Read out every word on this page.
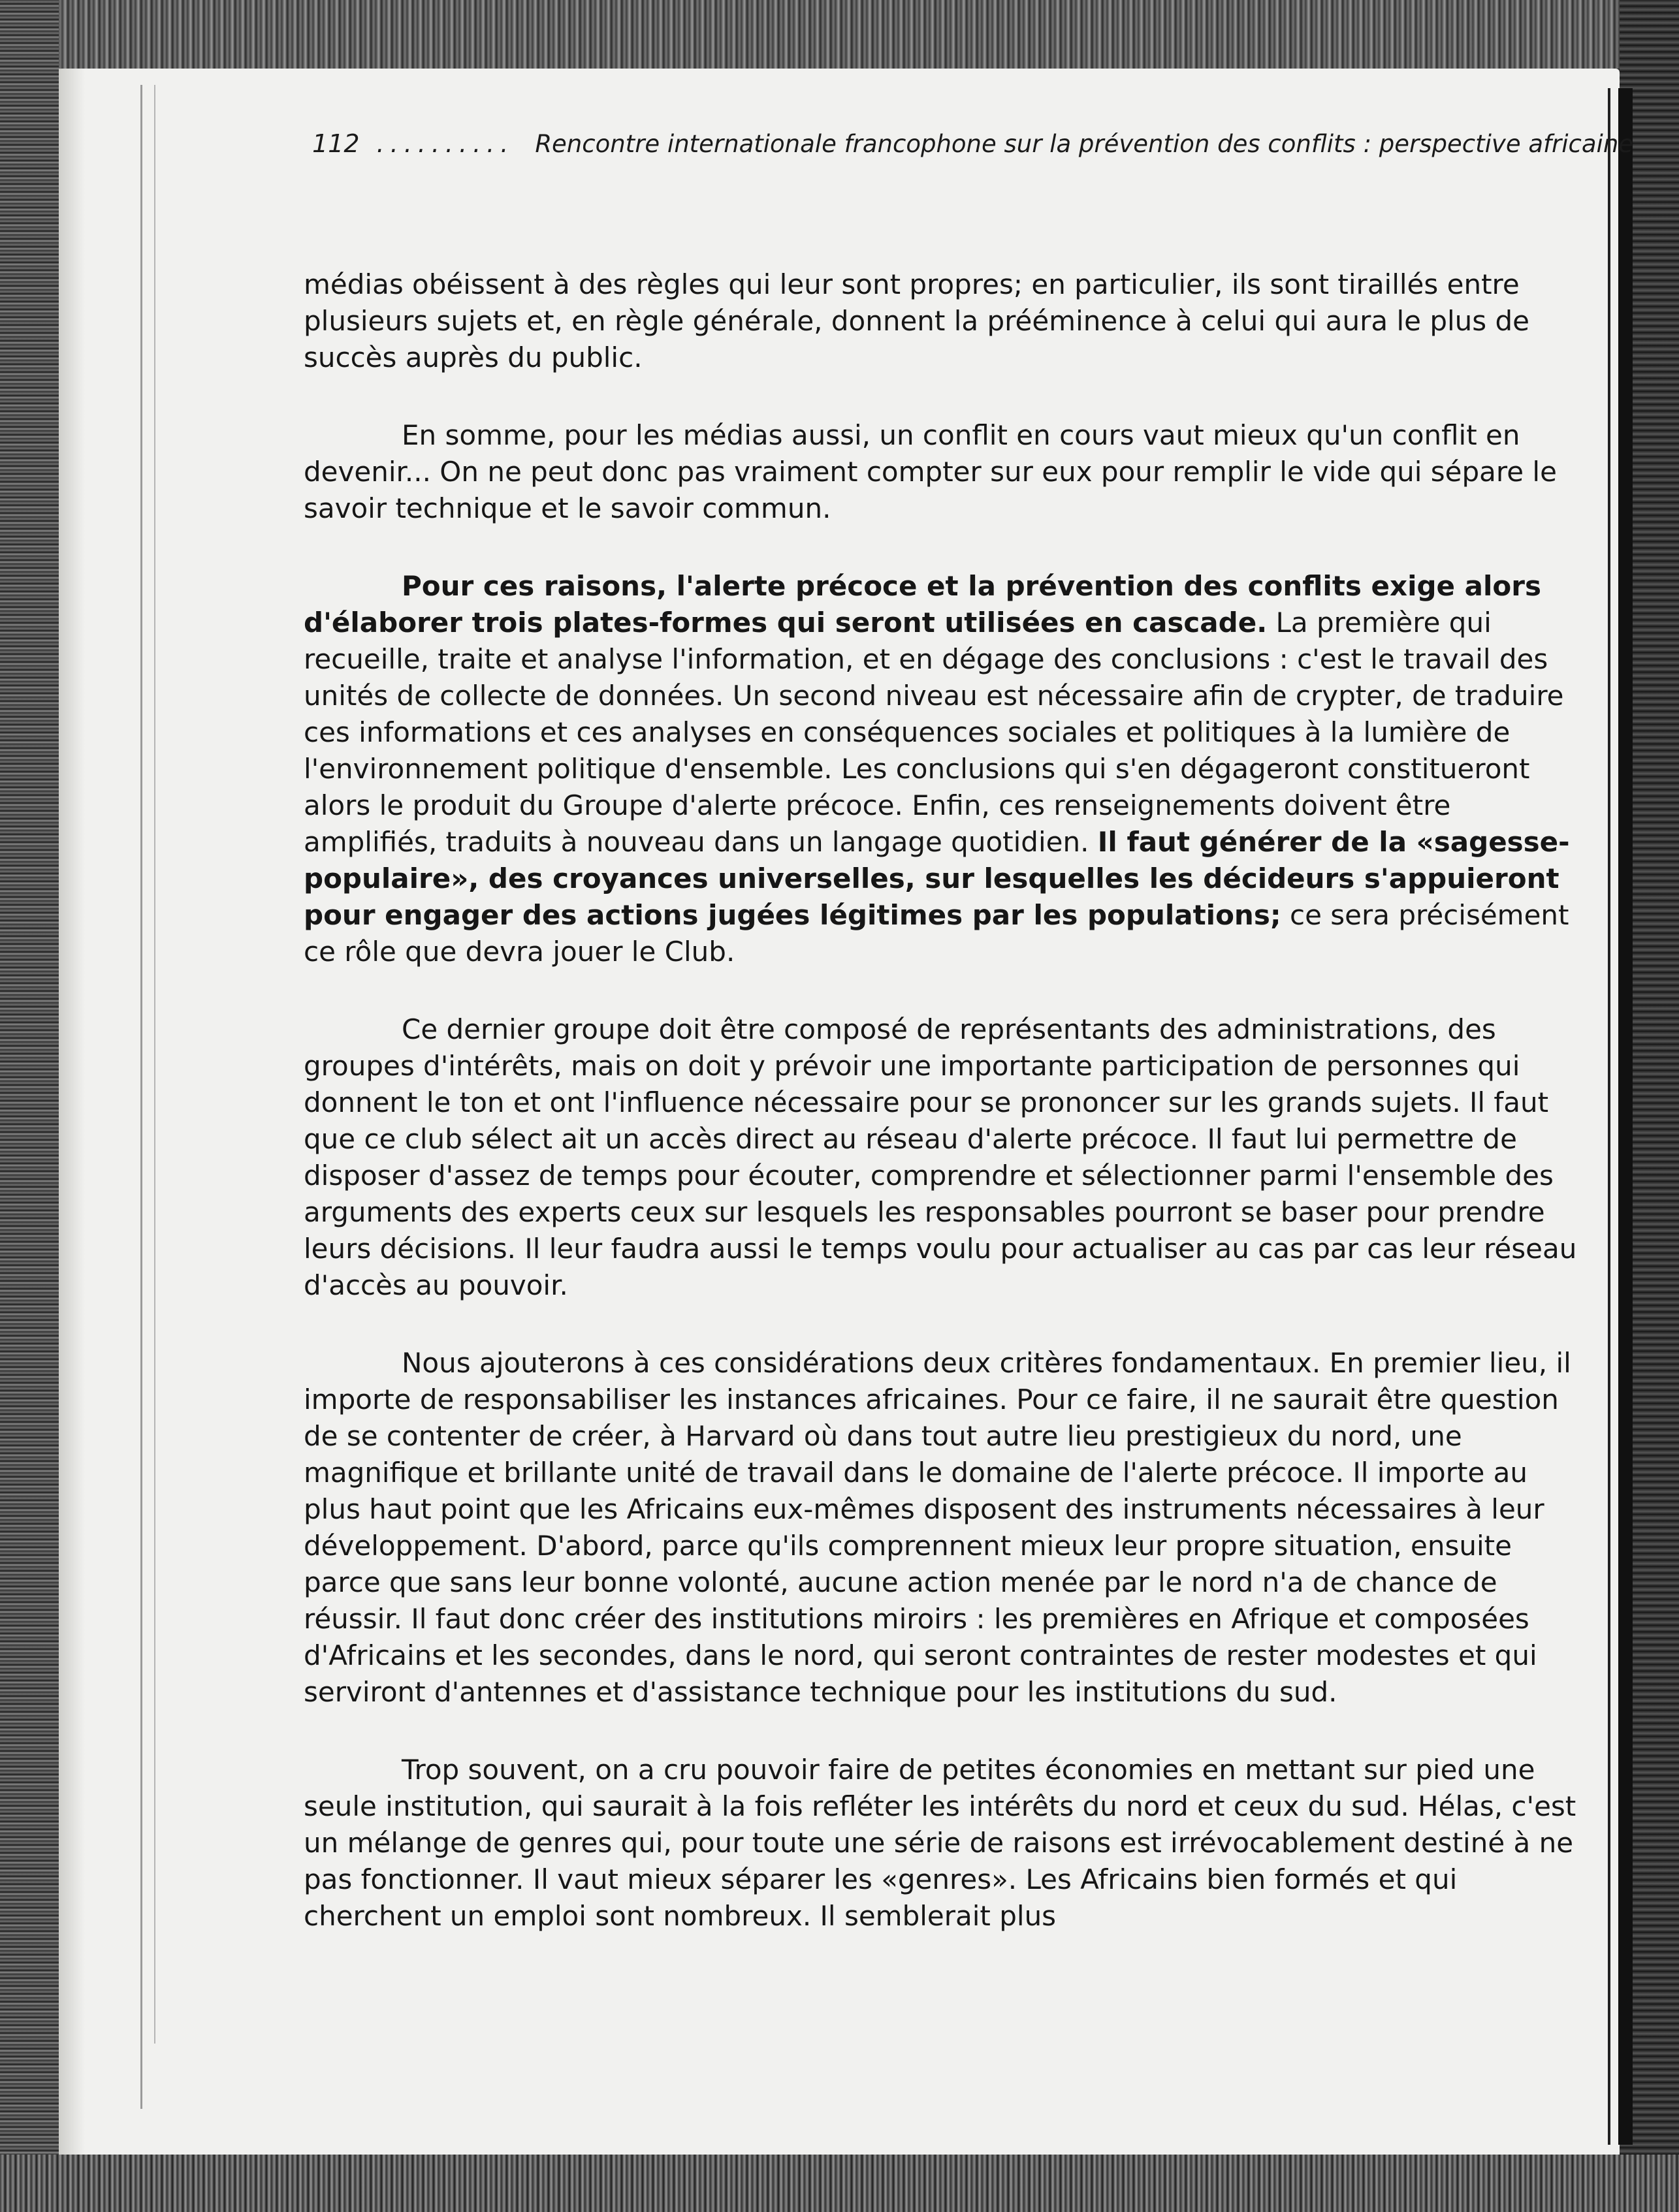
112 .......... Rencontre internationale francophone sur la prévention des conflits : perspective africaine

médias obéissent à des règles qui leur sont propres; en particulier, ils sont tiraillés entre plusieurs sujets et, en règle générale, donnent la prééminence à celui qui aura le plus de succès auprès du public.

En somme, pour les médias aussi, un conflit en cours vaut mieux qu'un conflit en devenir... On ne peut donc pas vraiment compter sur eux pour remplir le vide qui sépare le savoir technique et le savoir commun.

Pour ces raisons, l'alerte précoce et la prévention des conflits exige alors d'élaborer trois plates-formes qui seront utilisées en cascade. La première qui recueille, traite et analyse l'information, et en dégage des conclusions : c'est le travail des unités de collecte de données. Un second niveau est nécessaire afin de crypter, de traduire ces informations et ces analyses en conséquences sociales et politiques à la lumière de l'environnement politique d'ensemble. Les conclusions qui s'en dégageront constitueront alors le produit du Groupe d'alerte précoce. Enfin, ces renseignements doivent être amplifiés, traduits à nouveau dans un langage quotidien. Il faut générer de la «sagesse-populaire», des croyances universelles, sur lesquelles les décideurs s'appuieront pour engager des actions jugées légitimes par les populations; ce sera précisément ce rôle que devra jouer le Club.

Ce dernier groupe doit être composé de représentants des administrations, des groupes d'intérêts, mais on doit y prévoir une importante participation de personnes qui donnent le ton et ont l'influence nécessaire pour se prononcer sur les grands sujets. Il faut que ce club sélect ait un accès direct au réseau d'alerte précoce. Il faut lui permettre de disposer d'assez de temps pour écouter, comprendre et sélectionner parmi l'ensemble des arguments des experts ceux sur lesquels les responsables pourront se baser pour prendre leurs décisions. Il leur faudra aussi le temps voulu pour actualiser au cas par cas leur réseau d'accès au pouvoir.

Nous ajouterons à ces considérations deux critères fondamentaux. En premier lieu, il importe de responsabiliser les instances africaines. Pour ce faire, il ne saurait être question de se contenter de créer, à Harvard où dans tout autre lieu prestigieux du nord, une magnifique et brillante unité de travail dans le domaine de l'alerte précoce. Il importe au plus haut point que les Africains eux-mêmes disposent des instruments nécessaires à leur développement. D'abord, parce qu'ils comprennent mieux leur propre situation, ensuite parce que sans leur bonne volonté, aucune action menée par le nord n'a de chance de réussir. Il faut donc créer des institutions miroirs : les premières en Afrique et composées d'Africains et les secondes, dans le nord, qui seront contraintes de rester modestes et qui serviront d'antennes et d'assistance technique pour les institutions du sud.

Trop souvent, on a cru pouvoir faire de petites économies en mettant sur pied une seule institution, qui saurait à la fois refléter les intérêts du nord et ceux du sud. Hélas, c'est un mélange de genres qui, pour toute une série de raisons est irrévocablement destiné à ne pas fonctionner. Il vaut mieux séparer les «genres». Les Africains bien formés et qui cherchent un emploi sont nombreux. Il semblerait plus
